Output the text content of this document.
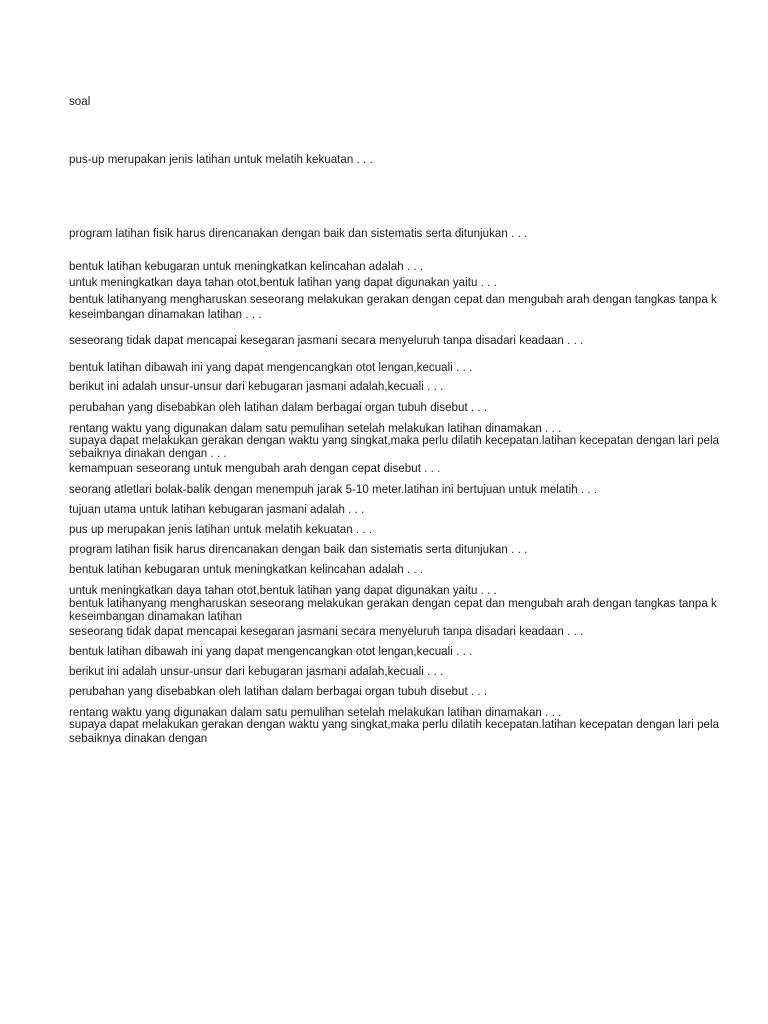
soal
pus-up merupakan jenis latihan untuk melatih kekuatan . . .
program latihan fisik harus direncanakan dengan baik dan sistematis serta ditunjukan . . .
bentuk latihan kebugaran untuk meningkatkan kelincahan adalah . . .
untuk meningkatkan daya tahan otot,bentuk latihan yang dapat digunakan yaitu . . .
bentuk latihanyang mengharuskan seseorang melakukan gerakan dengan cepat dan mengubah arah dengan tangkas tanpa k
keseimbangan dinamakan latihan . . .
seseorang tidak dapat mencapai kesegaran jasmani secara menyeluruh tanpa disadari keadaan . . .
bentuk latihan dibawah ini yang dapat mengencangkan otot lengan,kecuali . . .
berikut ini adalah unsur-unsur dari kebugaran jasmani adalah,kecuali . . .
perubahan yang disebabkan oleh latihan dalam berbagai organ tubuh disebut . . .
rentang waktu yang digunakan dalam satu pemulihan setelah melakukan latihan dinamakan . . .
supaya dapat melakukan gerakan dengan waktu yang singkat,maka perlu dilatih kecepatan.latihan kecepatan dengan lari pela
sebaiknya dinakan dengan . . .
kemampuan seseorang untuk mengubah arah dengan cepat disebut . . .
seorang atletlari bolak-balik dengan menempuh jarak 5-10 meter.latihan ini bertujuan untuk melatih . . .
tujuan utama untuk latihan kebugaran jasmani adalah . . .
pus up merupakan jenis latihan untuk melatih kekuatan . . .
program latihan fisik harus direncanakan dengan baik dan sistematis serta ditunjukan . . .
bentuk latihan kebugaran untuk meningkatkan kelincahan adalah . . .
untuk meningkatkan daya tahan otot,bentuk latihan yang dapat digunakan yaitu . . .
bentuk latihanyang mengharuskan seseorang melakukan gerakan dengan cepat dan mengubah arah dengan tangkas tanpa k
keseimbangan dinamakan latihan
seseorang tidak dapat mencapai kesegaran jasmani secara menyeluruh tanpa disadari keadaan . . .
bentuk latihan dibawah ini yang dapat mengencangkan otot lengan,kecuali . . .
berikut ini adalah unsur-unsur dari kebugaran jasmani adalah,kecuali . . .
perubahan yang disebabkan oleh latihan dalam berbagai organ tubuh disebut . . .
rentang waktu yang digunakan dalam satu pemulihan setelah melakukan latihan dinamakan . . .
supaya dapat melakukan gerakan dengan waktu yang singkat,maka perlu dilatih kecepatan.latihan kecepatan dengan lari pela
sebaiknya dinakan dengan
